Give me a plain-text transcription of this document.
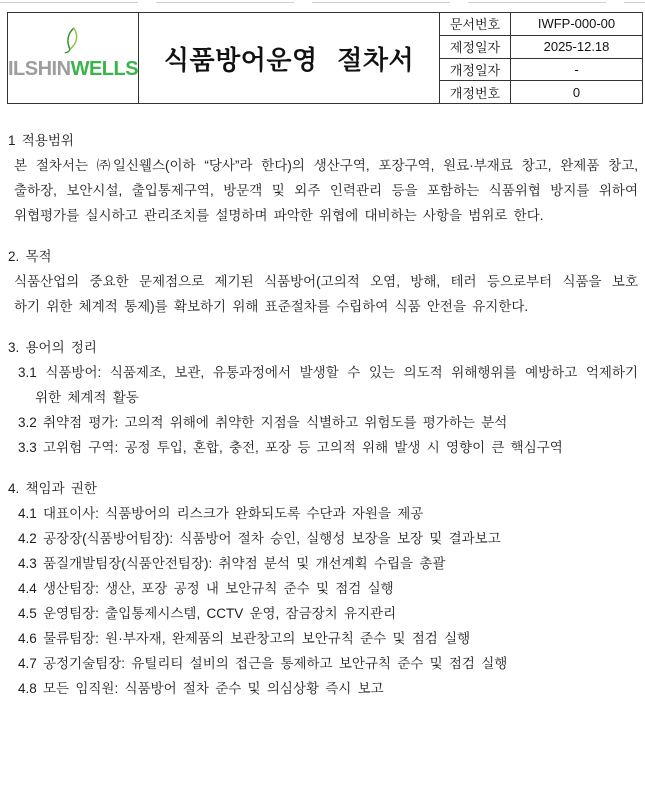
ILSHINWELLS 식품방어운영 절차서
문서번호	IWFP-000-00
제정일자	2025-12.18
개정일자	-
개정번호	0
1 적용범위
본 절차서는 ㈜일신웰스(이하 “당사”라 한다)의 생산구역, 포장구역, 원료·부재료 창고, 완제품 창고,
출하장, 보안시설, 출입통제구역, 방문객 및 외주 인력관리 등을 포함하는 식품위협 방지를 위하여
위협평가를 실시하고 관리조치를 설명하며 파악한 위협에 대비하는 사항을 범위로 한다.
2. 목적
식품산업의 중요한 문제점으로 제기된 식품방어(고의적 오염, 방해, 테러 등으로부터 식품을 보호
하기 위한 체계적 통제)를 확보하기 위해 표준절차를 수립하여 식품 안전을 유지한다.
3. 용어의 정리
3.1 식품방어: 식품제조, 보관, 유통과정에서 발생할 수 있는 의도적 위해행위를 예방하고 억제하기
위한 체계적 활동
3.2 취약점 평가: 고의적 위해에 취약한 지점을 식별하고 위험도를 평가하는 분석
3.3 고위험 구역: 공정 투입, 혼합, 충전, 포장 등 고의적 위해 발생 시 영향이 큰 핵심구역
4. 책임과 권한
4.1 대표이사: 식품방어의 리스크가 완화되도록 수단과 자원을 제공
4.2 공장장(식품방어팀장): 식품방어 절차 승인, 실행성 보장을 보장 및 결과보고
4.3 품질개발팀장(식품안전팀장): 취약점 분석 및 개선계획 수립을 총괄
4.4 생산팀장: 생산, 포장 공정 내 보안규칙 준수 및 점검 실행
4.5 운영팀장: 출입통제시스템, CCTV 운영, 잠금장치 유지관리
4.6 물류팀장: 원·부자재, 완제품의 보관창고의 보안규칙 준수 및 점검 실행
4.7 공정기술팀장: 유틸리티 설비의 접근을 통제하고 보안규칙 준수 및 점검 실행
4.8 모든 임직원: 식품방어 절차 준수 및 의심상황 즉시 보고
